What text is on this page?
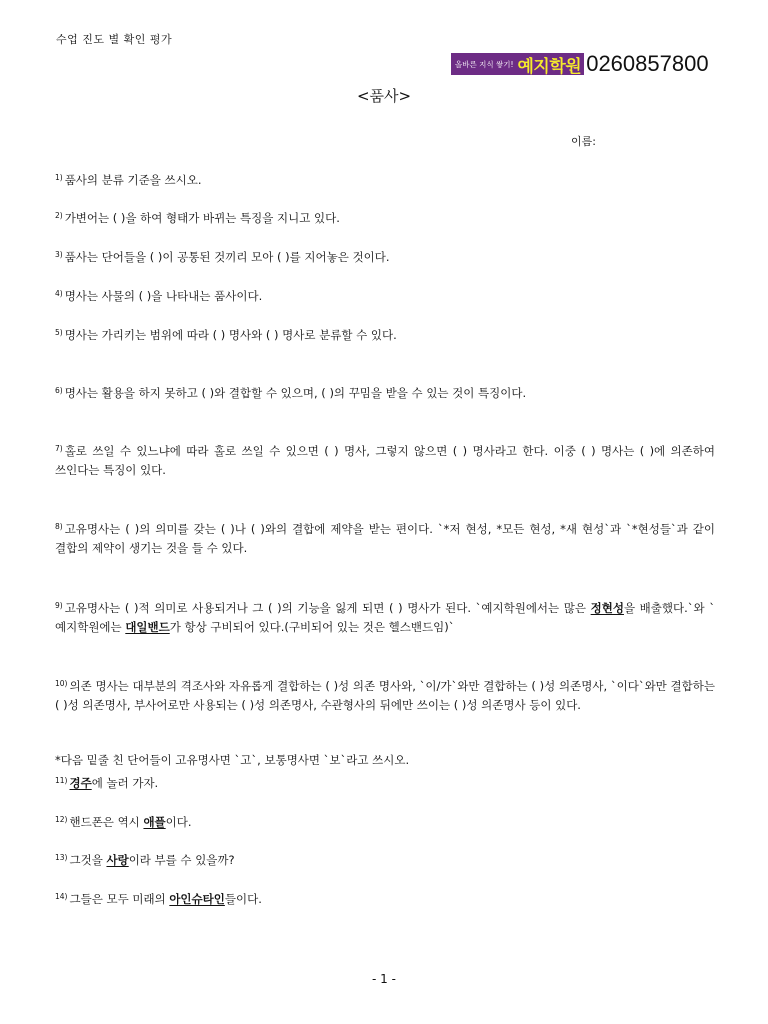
수업 진도 별 확인 평가
올바른 지식 쌓기! 예지학원 0260857800
<품사>
이름:
$^{1)}$ 품사의 분류 기준을 쓰시오.
$^{2)}$ 가변어는 ( )을 하여 형태가 바뀌는 특징을 지니고 있다.
$^{3)}$ 품사는 단어들을 ( )이 공통된 것끼리 모아 ( )를 지어놓은 것이다.
$^{4)}$ 명사는 사물의 ( )을 나타내는 품사이다.
$^{5)}$ 명사는 가리키는 범위에 따라 ( ) 명사와 ( ) 명사로 분류할 수 있다.
$^{6)}$ 명사는 활용을 하지 못하고 ( )와 결합할 수 있으며, ( )의 꾸밈을 받을 수 있는 것이 특징이다.
$^{7)}$ 홀로 쓰일 수 있느냐에 따라 홀로 쓰일 수 있으면 ( ) 명사, 그렇지 않으면 ( ) 명사라고 한다. 이중 ( ) 명사는 ( )에 의존하여 쓰인다는 특징이 있다.
$^{8)}$ 고유명사는 ( )의 의미를 갖는 ( )나 ( )와의 결합에 제약을 받는 편이다. `*저 현성, *모든 현성, *새 현성`과 `*현성들`과 같이 결합의 제약이 생기는 것을 들 수 있다.
$^{9)}$ 고유명사는 ( )적 의미로 사용되거나 그 ( )의 기능을 잃게 되면 ( ) 명사가 된다. `예지학원에서는 많은 정현성을 배출했다.`와 `예지학원에는 대일밴드가 항상 구비되어 있다.(구비되어 있는 것은 헬스밴드임)`
$^{10)}$ 의존 명사는 대부분의 격조사와 자유롭게 결합하는 ( )성 의존 명사와, `이/가`와만 결합하는 ( )성 의존명사, `이다`와만 결합하는 ( )성 의존명사, 부사어로만 사용되는 ( )성 의존명사, 수관형사의 뒤에만 쓰이는 ( )성 의존명사 등이 있다.
*다음 밑줄 친 단어들이 고유명사면 `고`, 보통명사면 `보`라고 쓰시오.
$^{11)}$ 경주에 놀러 가자.
$^{12)}$ 핸드폰은 역시 애플이다.
$^{13)}$ 그것을 사랑이라 부를 수 있을까?
$^{14)}$ 그들은 모두 미래의 아인슈타인들이다.
- 1 -
